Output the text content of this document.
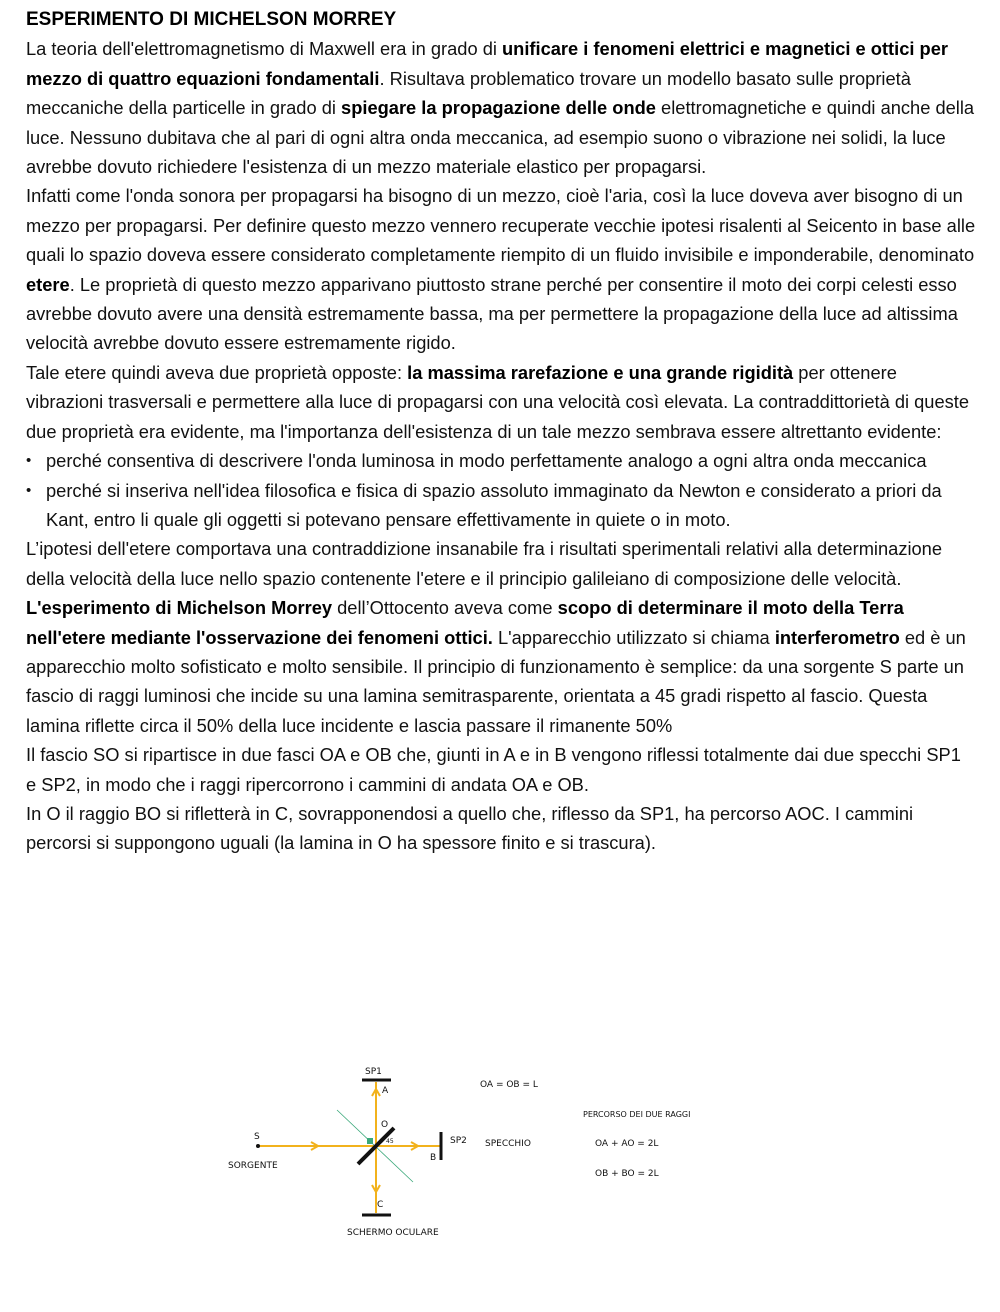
ESPERIMENTO DI MICHELSON MORREY

La teoria dell'elettromagnetismo di Maxwell era in grado di unificare i fenomeni elettrici e magnetici e ottici per mezzo di quattro equazioni fondamentali. Risultava problematico trovare un modello basato sulle proprietà meccaniche della particelle in grado di spiegare la propagazione delle onde elettromagnetiche e quindi anche della luce. Nessuno dubitava che al pari di ogni altra onda meccanica, ad esempio suono o vibrazione nei solidi, la luce avrebbe dovuto richiedere l'esistenza di un mezzo materiale elastico per propagarsi.

Infatti come l'onda sonora per propagarsi ha bisogno di un mezzo, cioè l'aria, così la luce doveva aver bisogno di un mezzo per propagarsi. Per definire questo mezzo vennero recuperate vecchie ipotesi risalenti al Seicento in base alle quali lo spazio doveva essere considerato completamente riempito di un fluido invisibile e imponderabile, denominato etere. Le proprietà di questo mezzo apparivano piuttosto strane perché per consentire il moto dei corpi celesti esso avrebbe dovuto avere una densità estremamente bassa, ma per permettere la propagazione della luce ad altissima velocità avrebbe dovuto essere estremamente rigido.

Tale etere quindi aveva due proprietà opposte: la massima rarefazione e una grande rigidità per ottenere vibrazioni trasversali e permettere alla luce di propagarsi con una velocità così elevata. La contraddittorietà di queste due proprietà era evidente, ma l'importanza dell'esistenza di un tale mezzo sembrava essere altrettanto evidente:

• perché consentiva di descrivere l'onda luminosa in modo perfettamente analogo a ogni altra onda meccanica
• perché si inseriva nell'idea filosofica e fisica di spazio assoluto immaginato da Newton e considerato a priori da Kant, entro li quale gli oggetti si potevano pensare effettivamente in quiete o in moto.

L’ipotesi dell'etere comportava una contraddizione insanabile fra i risultati sperimentali relativi alla determinazione della velocità della luce nello spazio contenente l'etere e il principio galileiano di composizione delle velocità.

L'esperimento di Michelson Morrey dell’Ottocento aveva come scopo di determinare il moto della Terra nell'etere mediante l'osservazione dei fenomeni ottici. L'apparecchio utilizzato si chiama interferometro ed è un apparecchio molto sofisticato e molto sensibile. Il principio di funzionamento è semplice: da una sorgente S parte un fascio di raggi luminosi che incide su una lamina semitrasparente, orientata a 45 gradi rispetto al fascio. Questa lamina riflette circa il 50% della luce incidente e lascia passare il rimanente 50%

Il fascio SO si ripartisce in due fasci OA e OB che, giunti in A e in B vengono riflessi totalmente dai due specchi SP1 e SP2, in modo che i raggi ripercorrono i cammini di andata OA e OB.

In O il raggio BO si rifletterà in C, sovrapponendosi a quello che, riflesso da SP1, ha percorso AOC. I cammini percorsi si suppongono uguali (la lamina in O ha spessore finito e si trascura).

SP1
A
O
45	SP2
B
C
S
SORGENTE
SCHERMO OCULARE
SPECCHIO
OA = OB = L
PERCORSO DEI DUE RAGGI
OA + AO = 2L
OB + BO = 2L
